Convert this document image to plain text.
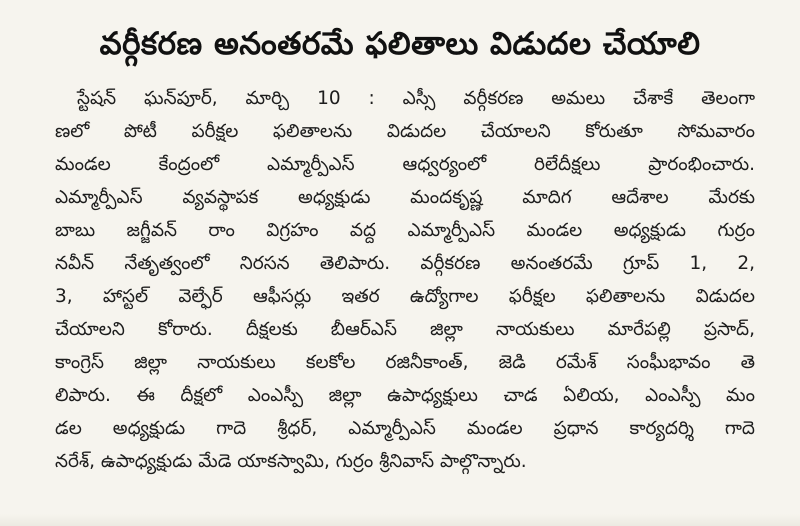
వర్గీకరణ అనంతరమే ఫలితాలు విడుదల చేయాలి
స్టేషన్ ఘన్‌పూర్, మార్చి 10 : ఎస్సీ వర్గీకరణ అమలు చేశాకే తెలంగా
ణలో పోటీ పరీక్షల ఫలితాలను విడుదల చేయాలని కోరుతూ సోమవారం
మండల కేంద్రంలో ఎమ్మార్పీఎస్ ఆధ్వర్యంలో రిలేదీక్షలు ప్రారంభించారు.
ఎమ్మార్పీఎస్ వ్యవస్థాపక అధ్యక్షుడు మందకృష్ణ మాదిగ ఆదేశాల మేరకు
బాబు జగ్జీవన్ రాం విగ్రహం వద్ద ఎమ్మార్పీఎస్ మండల అధ్యక్షుడు గుర్రం
నవీన్ నేతృత్వంలో నిరసన తెలిపారు. వర్గీకరణ అనంతరమే గ్రూప్ 1, 2,
3, హాస్టల్ వెల్ఫేర్ ఆఫీసర్లు ఇతర ఉద్యోగాల ఫరీక్షల ఫలితాలను విడుదల
చేయాలని కోరారు. దీక్షలకు బీఆర్ఎస్ జిల్లా నాయకులు మారేపల్లి ప్రసాద్,
కాంగ్రెస్ జిల్లా నాయకులు కలకోల రజినీకాంత్, జెడి రమేశ్ సంఘీభావం తె
లిపారు. ఈ దీక్షలో ఎంఎస్పీ జిల్లా ఉపాధ్యక్షులు చాడ ఏలియ, ఎంఎస్పీ మం
డల అధ్యక్షుడు గాదె శ్రీధర్, ఎమ్మార్పీఎస్ మండల ప్రధాన కార్యదర్శి గాదె
నరేశ్, ఉపాధ్యక్షుడు మేడె యాకస్వామి, గుర్రం శ్రీనివాస్ పాల్గొన్నారు.
